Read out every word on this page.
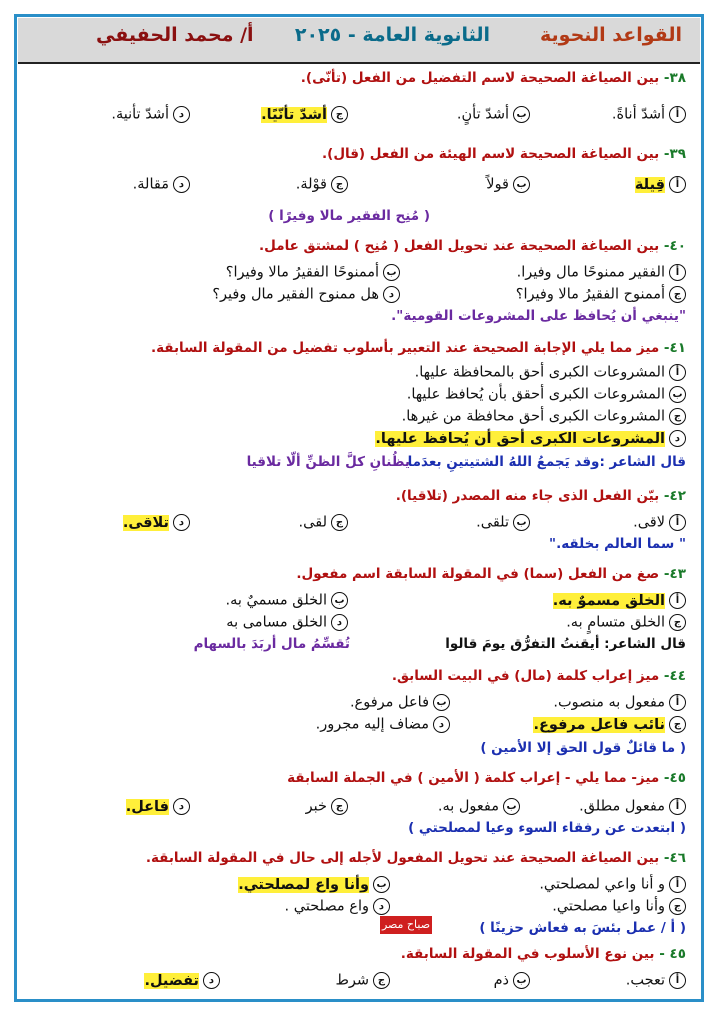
القواعد النحوية
الثانوية العامة - ٢٠٢٥
أ/ محمد الحفيفي
٣٨- بين الصياغة الصحيحة لاسم التفضيل من الفعل (تأنّى).
أأشدّ أناةً.
بأشدّ تأنٍ.
جأشدّ تأنّيًا.
دأشدّ تأنية.
٣٩- بين الصياغة الصحيحة لاسم الهيئة من الفعل (قال).
أقِيلة
بقولاً
جقوْلة.
دمَقالة.
( مُنِح الفقير مالا وفيرًا )
٤٠- بين الصياغة الصحيحة عند تحويل الفعل ( مُنِح ) لمشتق عامل.
أالفقير ممنوحًا مال وفيرا.
بأممنوحًا الفقيرُ مالا وفيرا؟
جأممنوح الفقيرُ مالا وفيرا؟
دهل ممنوح الفقير مال وفير؟
"ينبغي أن يُحافظ على المشروعات القومية".
٤١- ميز مما يلي الإجابة الصحيحة عند التعبير بأسلوب تفضيل من المقولة السابقة.
أالمشروعات الكبرى أحق بالمحافظة عليها.
بالمشروعات الكبرى أحقق بأن يُحافظ عليها.
جالمشروعات الكبرى أحق محافظة من غيرها.
دالمشروعات الكبرى أحق أن يُحافظ عليها.
قال الشاعر :وقد يَجمعُ اللهُ الشتيتينِ بعدَما
يظُنانِ كلَّ الظنِّ ألّا تلاقيا
٤٢- بيّن الفعل الذى جاء منه المصدر (تلاقيا).
ألاقى.
بتلقى.
جلقى.
دتلاقى.
" سما العالم بخلقه."
٤٣- صغ من الفعل (سما) في المقولة السابقة اسم مفعول.
أالخلق مسموٌ به.
بالخلق مسميٌ به.
جالخلق متسامٍ به.
دالخلق مسامى به
قال الشاعر: أيقنتُ التفرُّق يومَ قالوا
تُقسِّمُ مال أربَدَ بالسهام
٤٤- ميز إعراب كلمة (مال) في البيت السابق.
أمفعول به منصوب.
بفاعل مرفوع.
جنائب فاعل مرفوع.
دمضاف إليه مجرور.
( ما قائلٌ قول الحق إلا الأمين )
٤٥- ميز- مما يلي - إعراب كلمة ( الأمين ) في الجملة السابقة
أمفعول مطلق.
بمفعول به.
جخبر
دفاعل.
( ابتعدت عن رفقاء السوء وعيا لمصلحتي )
٤٦- بين الصياغة الصحيحة عند تحويل المفعول لأجله إلى حال في المقولة السابقة.
أو أنا واعي لمصلحتي.
بوأنا واع لمصلحتي.
جوأنا واعيا مصلحتي.
دواع مصلحتي .
( أ / عمل بئسَ به فعاش حزينًا )
صباح مصر
٤٥ - بين نوع الأسلوب في المقولة السابقة.
أتعجب.
بذم
جشرط
دتفضيل.
